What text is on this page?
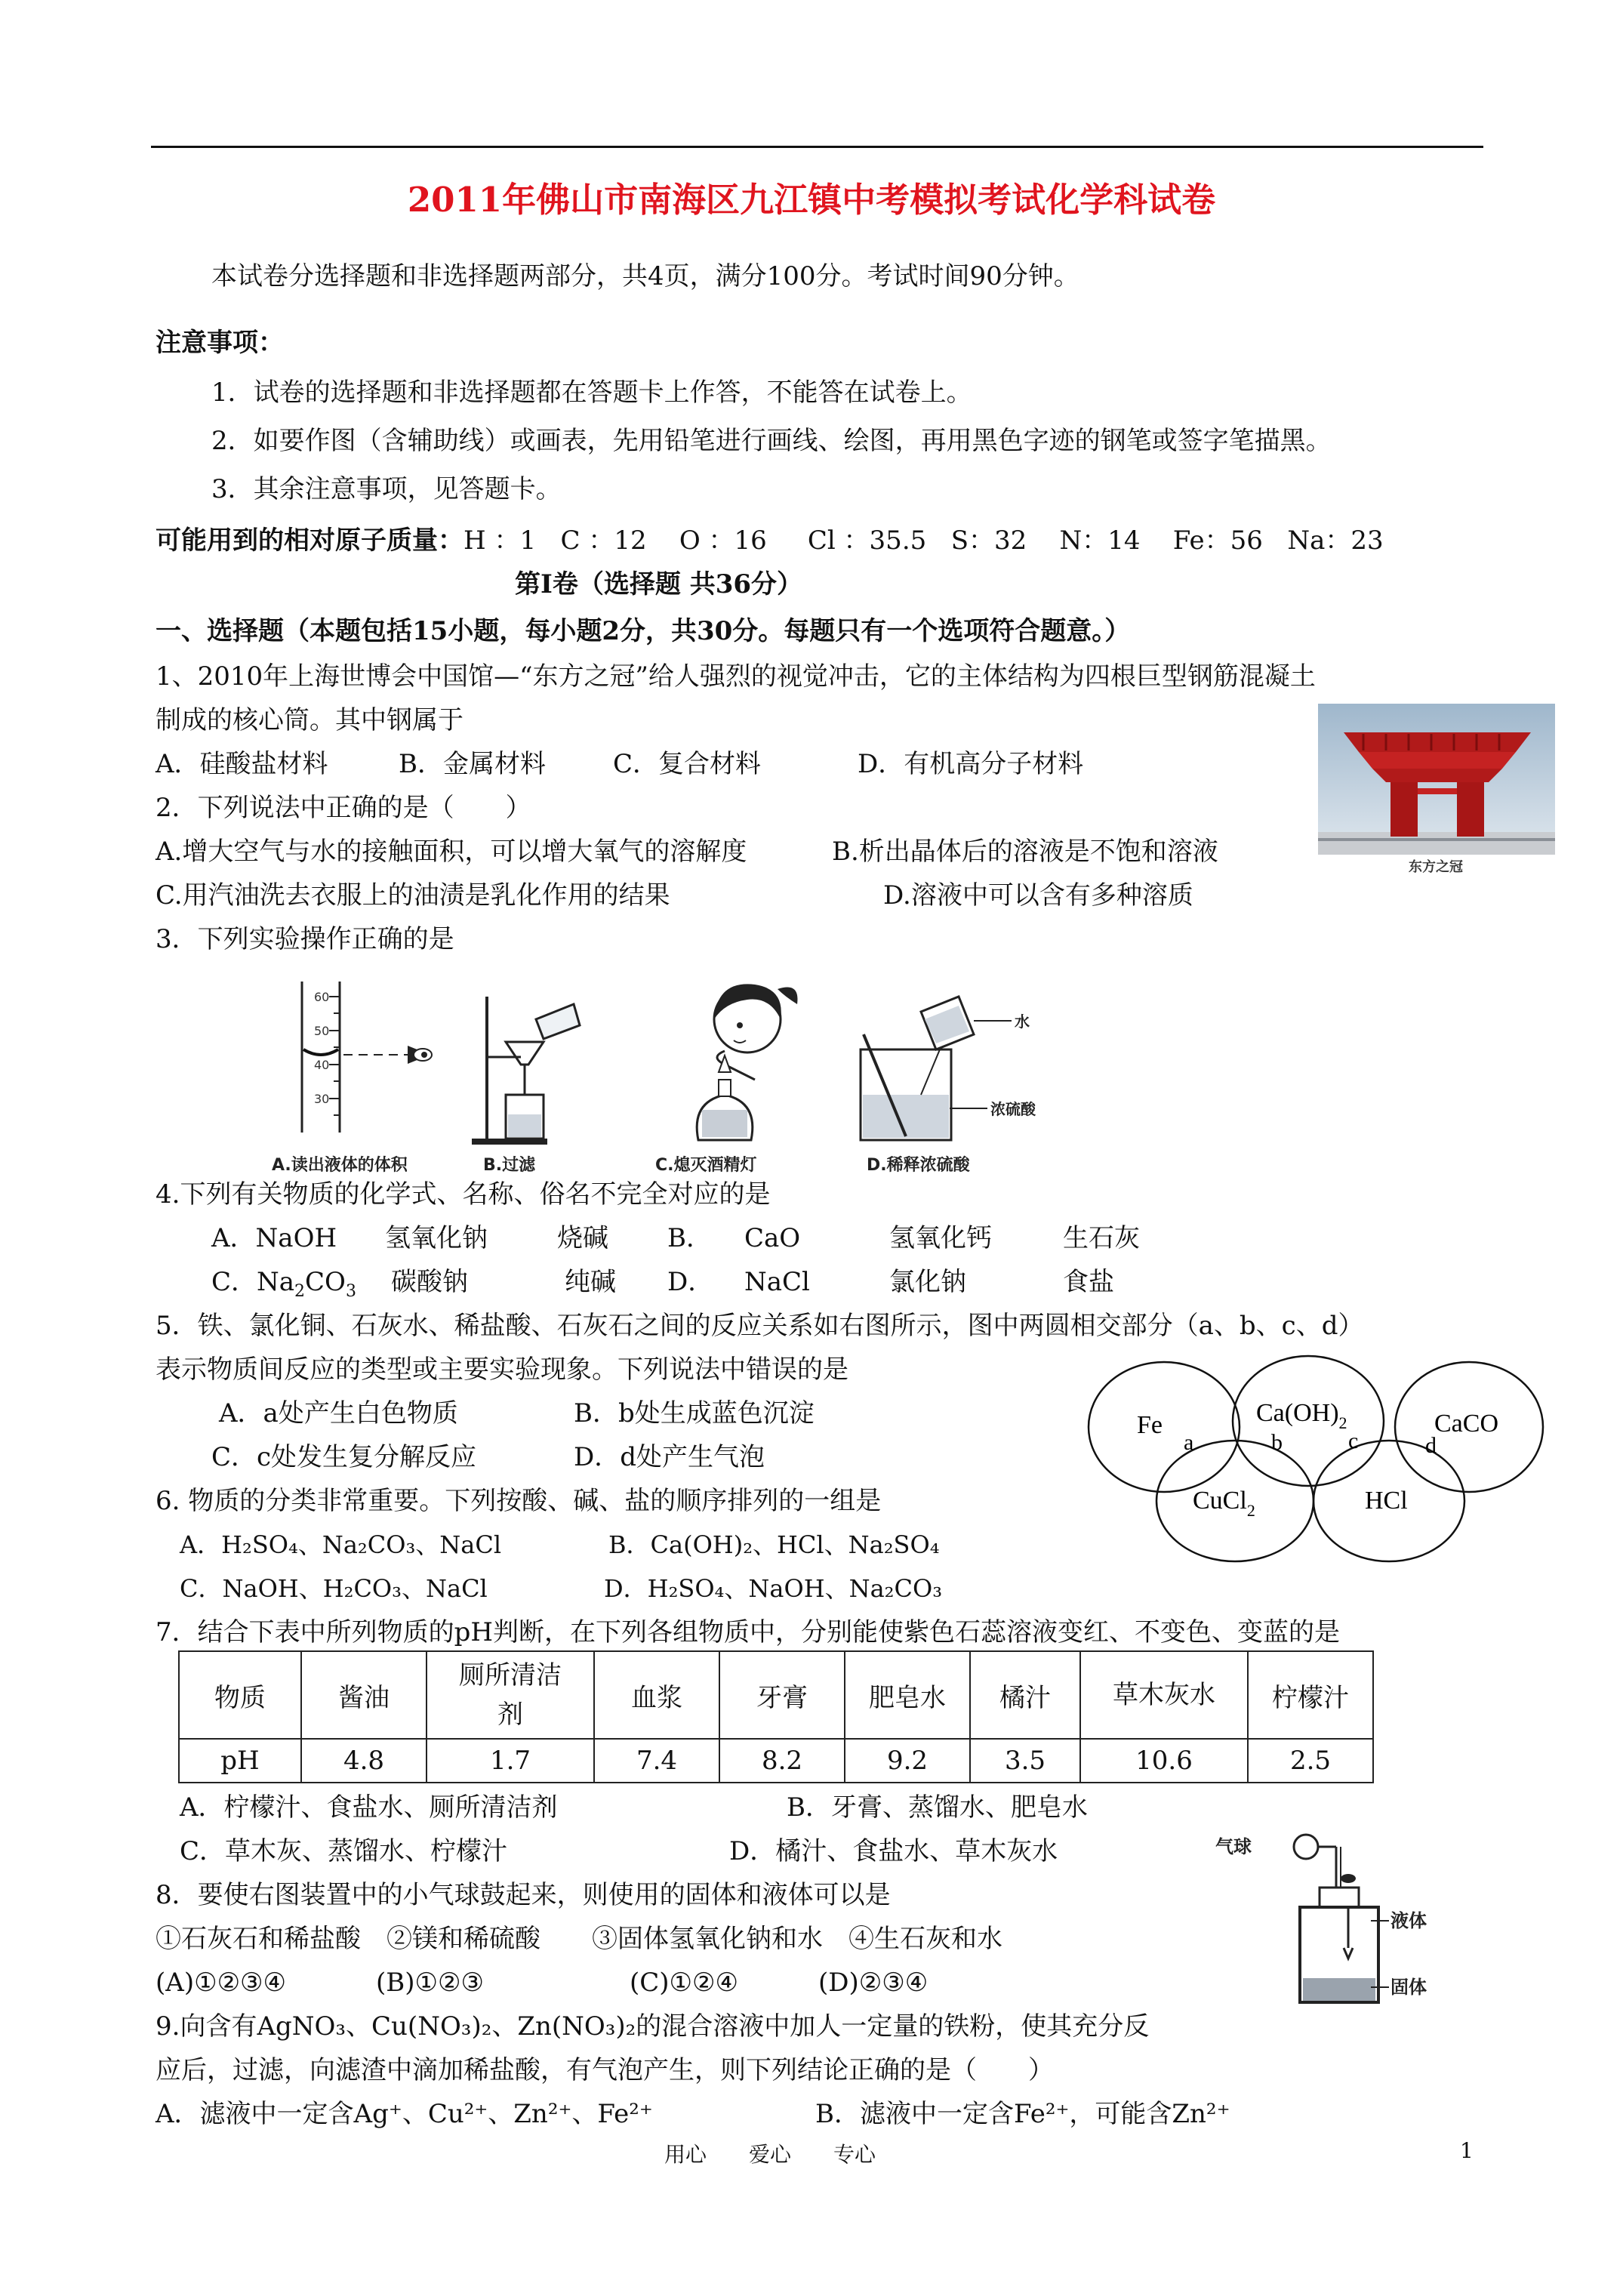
2011年佛山市南海区九江镇中考模拟考试化学科试卷
本试卷分选择题和非选择题两部分，共4页，满分100分。考试时间90分钟。
注意事项：
1．试卷的选择题和非选择题都在答题卡上作答，不能答在试卷上。
2．如要作图（含辅助线）或画表，先用铅笔进行画线、绘图，再用黑色字迹的钢笔或签字笔描黑。
3．其余注意事项，见答题卡。
可能用到的相对原子质量：H ：1 C ：12 O ：16 Cl ：35.5 S：32 N：14 Fe：56 Na：23
第Ⅰ卷（选择题 共36分）
一、选择题（本题包括15小题，每小题2分，共30分。每题只有一个选项符合题意。）
1、2010年上海世博会中国馆—“东方之冠”给人强烈的视觉冲击，它的主体结构为四根巨型钢筋混凝土
制成的核心筒。其中钢属于
A．硅酸盐材料	B．金属材料	C．复合材料	D．有机高分子材料
东方之冠
2．下列说法中正确的是（　　）
A.增大空气与水的接触面积，可以增大氧气的溶解度	B.析出晶体后的溶液是不饱和溶液
C.用汽油洗去衣服上的油渍是乳化作用的结果	D.溶液中可以含有多种溶质
3．下列实验操作正确的是
60
50
40
30
水
浓硫酸
A.读出液体的体积	B.过滤	C.熄灭酒精灯	D.稀释浓硫酸
4.下列有关物质的化学式、名称、俗名不完全对应的是
A．NaOH 氢氧化钠	烧碱 B． CaO	氢氧化钙	生石灰
C．$Na_2CO_3$ 碳酸钠	纯碱 D． NaCl	氯化钠	食盐
5．铁、氯化铜、石灰水、稀盐酸、石灰石之间的反应关系如右图所示，图中两圆相交部分（a、b、c、d）
表示物质间反应的类型或主要实验现象。下列说法中错误的是
A．a处产生白色物质	B．b处生成蓝色沉淀
C．c处发生复分解反应	D．d处产生气泡
Fe	$Ca(OH)_2$	CaCO
CuCl$_2$	HCl
a	b	c	d
6. 物质的分类非常重要。下列按酸、碱、盐的顺序排列的一组是
A．H₂SO₄、Na₂CO₃、NaCl	B．Ca(OH)₂、HCl、Na₂SO₄
C．NaOH、H₂CO₃、NaCl	D．H₂SO₄、NaOH、Na₂CO₃
7．结合下表中所列物质的pH判断，在下列各组物质中，分别能使紫色石蕊溶液变红、不变色、变蓝的是
物质	酱油	厕所清洁剂	血浆	牙膏	肥皂水	橘汁	草木灰水	柠檬汁
pH	4.8	1.7	7.4	8.2	9.2	3.5	10.6	2.5
A．柠檬汁、食盐水、厕所清洁剂	B．牙膏、蒸馏水、肥皂水
C．草木灰、蒸馏水、柠檬汁	D．橘汁、食盐水、草木灰水
8．要使右图装置中的小气球鼓起来，则使用的固体和液体可以是
①石灰石和稀盐酸　②镁和稀硫酸　　③固体氢氧化钠和水　④生石灰和水
(A)①②③④	(B)①②③	(C)①②④	(D)②③④
气球
液体
固体
9.向含有AgNO₃、Cu(NO₃)₂、Zn(NO₃)₂的混合溶液中加人一定量的铁粉，使其充分反
应后，过滤，向滤渣中滴加稀盐酸，有气泡产生，则下列结论正确的是（　　）
A．滤液中一定含Ag⁺、Cu²⁺、Zn²⁺、Fe²⁺	B．滤液中一定含Fe²⁺，可能含Zn²⁺
用心　　爱心　　专心	1
